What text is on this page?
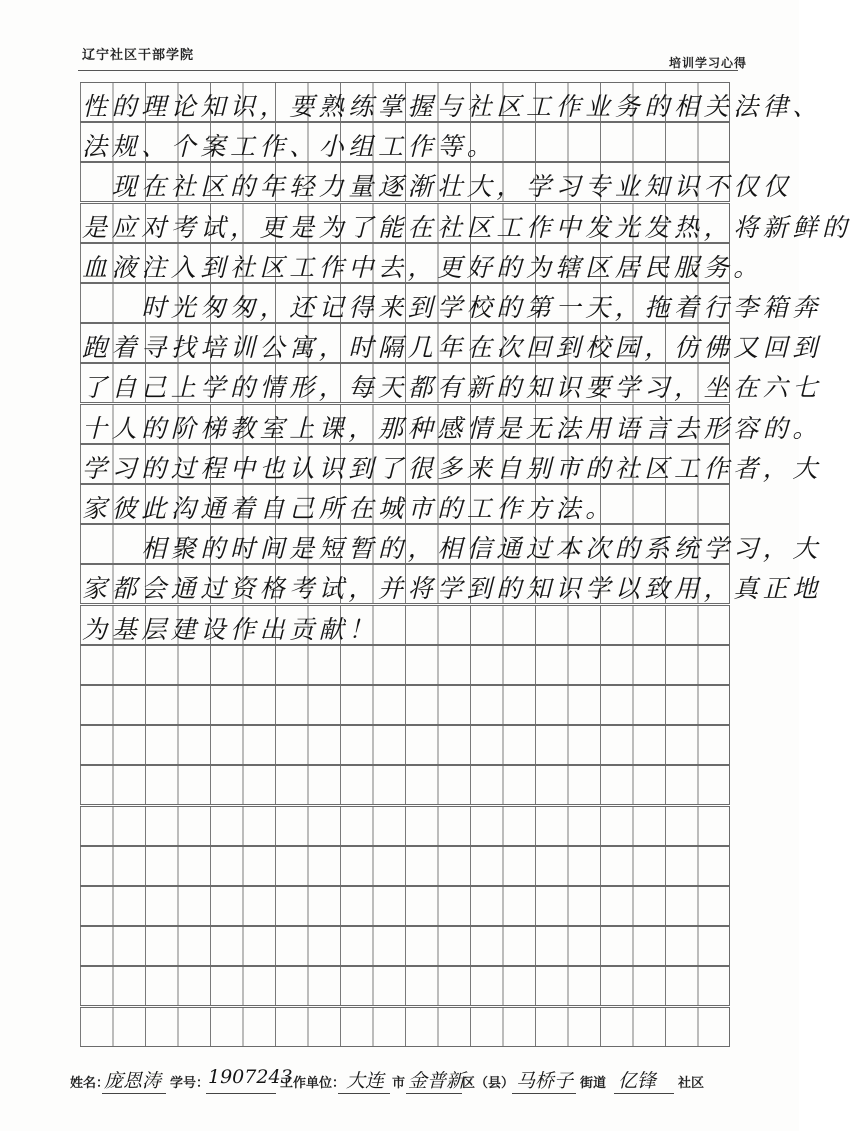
辽宁社区干部学院	培训学习心得
性的理论知识，要熟练掌握与社区工作业务的相关法律、
法规、个案工作、小组工作等。
　现在社区的年轻力量逐渐壮大，学习专业知识不仅仅
是应对考试，更是为了能在社区工作中发光发热，将新鲜的
血液注入到社区工作中去，更好的为辖区居民服务。
　　时光匆匆，还记得来到学校的第一天，拖着行李箱奔
跑着寻找培训公寓，时隔几年在次回到校园，仿佛又回到
了自己上学的情形，每天都有新的知识要学习，坐在六七
十人的阶梯教室上课，那种感情是无法用语言去形容的。
学习的过程中也认识到了很多来自别市的社区工作者，大
家彼此沟通着自己所在城市的工作方法。
　　相聚的时间是短暂的，相信通过本次的系统学习，大
家都会通过资格考试，并将学到的知识学以致用，真正地
为基层建设作出贡献！
姓名：
庞恩涛 学号：
1907243
工作单位： 大连 市 金普新
区（县） 马桥子 街道 亿锋 社区
